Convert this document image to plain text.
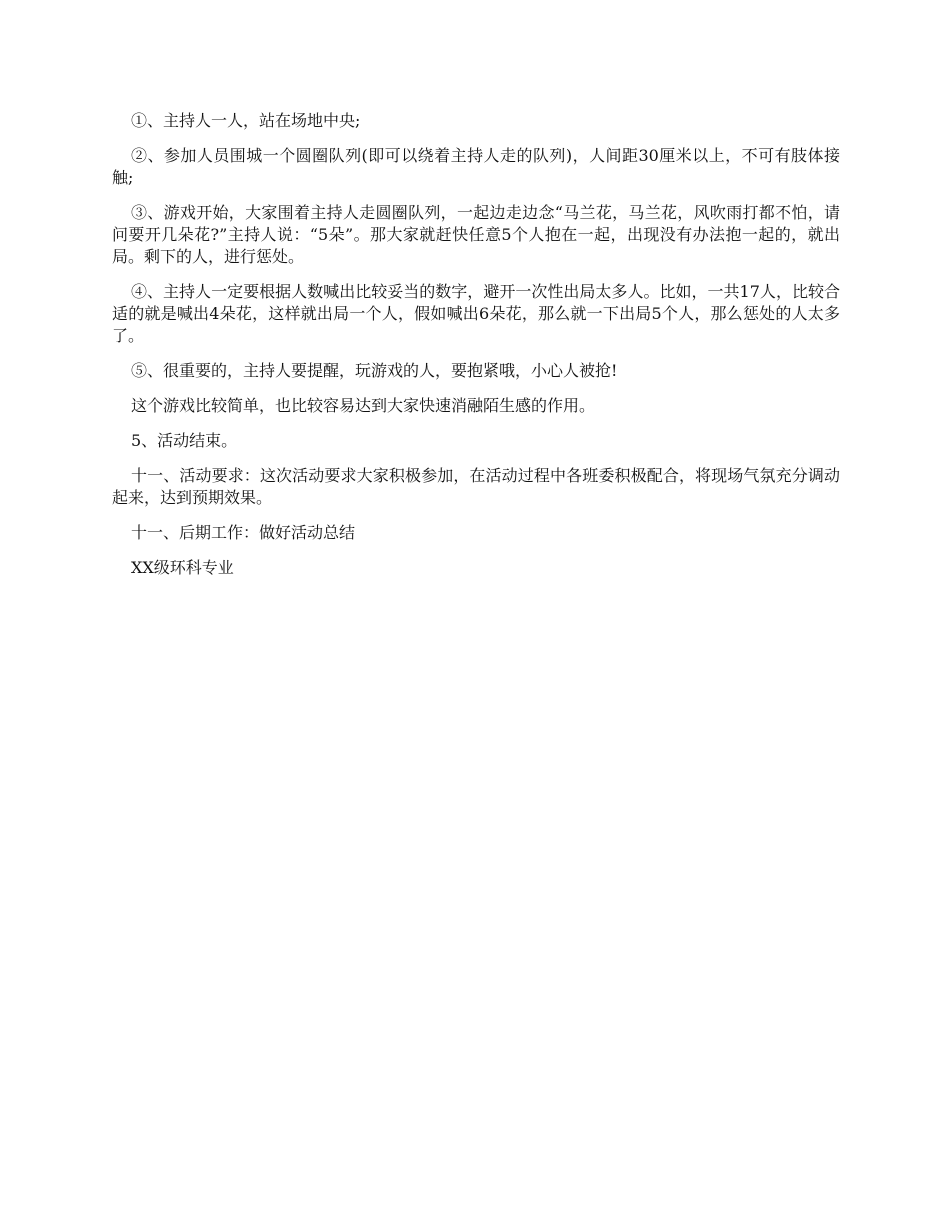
①、主持人一人，站在场地中央;

②、参加人员围城一个圆圈队列(即可以绕着主持人走的队列)，人间距30厘米以上，不可有肢体接触;

③、游戏开始，大家围着主持人走圆圈队列，一起边走边念“马兰花，马兰花，风吹雨打都不怕，请问要开几朵花?”主持人说：“5朵”。那大家就赶快任意5个人抱在一起，出现没有办法抱一起的，就出局。剩下的人，进行惩处。

④、主持人一定要根据人数喊出比较妥当的数字，避开一次性出局太多人。比如，一共17人，比较合适的就是喊出4朵花，这样就出局一个人，假如喊出6朵花，那么就一下出局5个人，那么惩处的人太多了。

⑤、很重要的，主持人要提醒，玩游戏的人，要抱紧哦，小心人被抢!

这个游戏比较简单，也比较容易达到大家快速消融陌生感的作用。

5、活动结束。

十一、活动要求：这次活动要求大家积极参加，在活动过程中各班委积极配合，将现场气氛充分调动起来，达到预期效果。

十一、后期工作：做好活动总结

XX级环科专业
